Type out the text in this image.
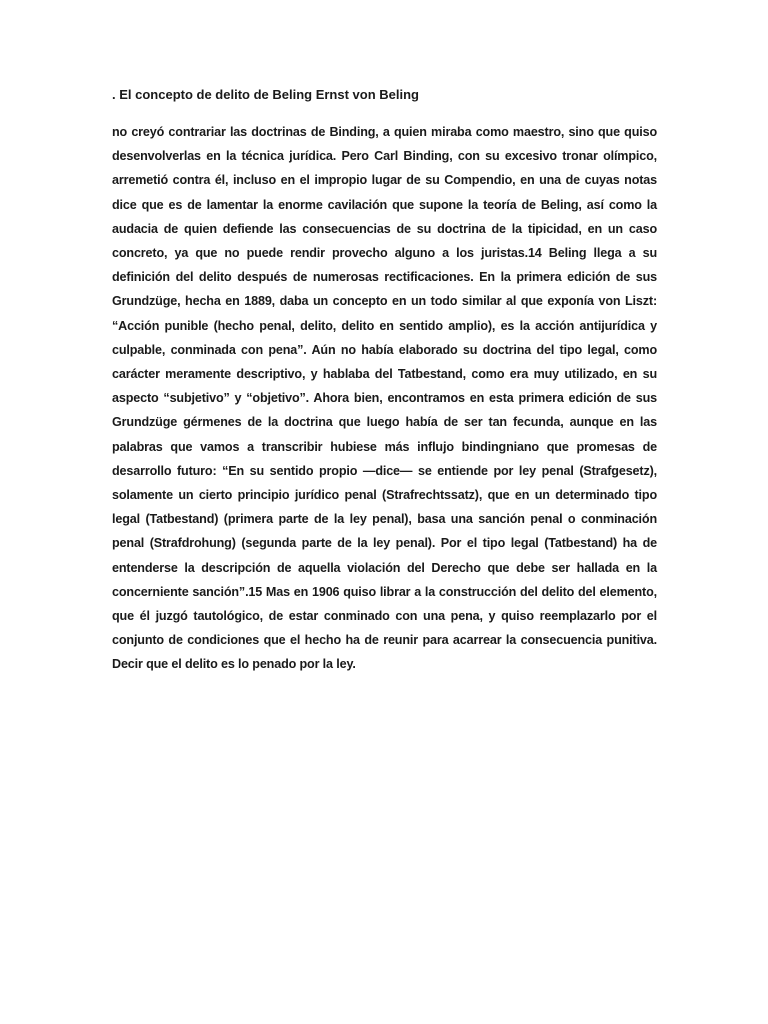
. El concepto de delito de Beling Ernst von Beling

no creyó contrariar las doctrinas de Binding, a quien miraba como maestro, sino que quiso desenvolverlas en la técnica jurídica. Pero Carl Binding, con su excesivo tronar olímpico, arremetió contra él, incluso en el impropio lugar de su Compendio, en una de cuyas notas dice que es de lamentar la enorme cavilación que supone la teoría de Beling, así como la audacia de quien defiende las consecuencias de su doctrina de la tipicidad, en un caso concreto, ya que no puede rendir provecho alguno a los juristas.14 Beling llega a su definición del delito después de numerosas rectificaciones. En la primera edición de sus Grundzüge, hecha en 1889, daba un concepto en un todo similar al que exponía von Liszt: “Acción punible (hecho penal, delito, delito en sentido amplio), es la acción antijurídica y culpable, conminada con pena”. Aún no había elaborado su doctrina del tipo legal, como carácter meramente descriptivo, y hablaba del Tatbestand, como era muy utilizado, en su aspecto “subjetivo” y “objetivo”. Ahora bien, encontramos en esta primera edición de sus Grundzüge gérmenes de la doctrina que luego había de ser tan fecunda, aunque en las palabras que vamos a transcribir hubiese más influjo bindingniano que promesas de desarrollo futuro: “En su sentido propio —dice— se entiende por ley penal (Strafgesetz), solamente un cierto principio jurídico penal (Strafrechtssatz), que en un determinado tipo legal (Tatbestand) (primera parte de la ley penal), basa una sanción penal o conminación penal (Strafdrohung) (segunda parte de la ley penal). Por el tipo legal (Tatbestand) ha de entenderse la descripción de aquella violación del Derecho que debe ser hallada en la concerniente sanción”.15 Mas en 1906 quiso librar a la construcción del delito del elemento, que él juzgó tautológico, de estar conminado con una pena, y quiso reemplazarlo por el conjunto de condiciones que el hecho ha de reunir para acarrear la consecuencia punitiva. Decir que el delito es lo penado por la ley.
